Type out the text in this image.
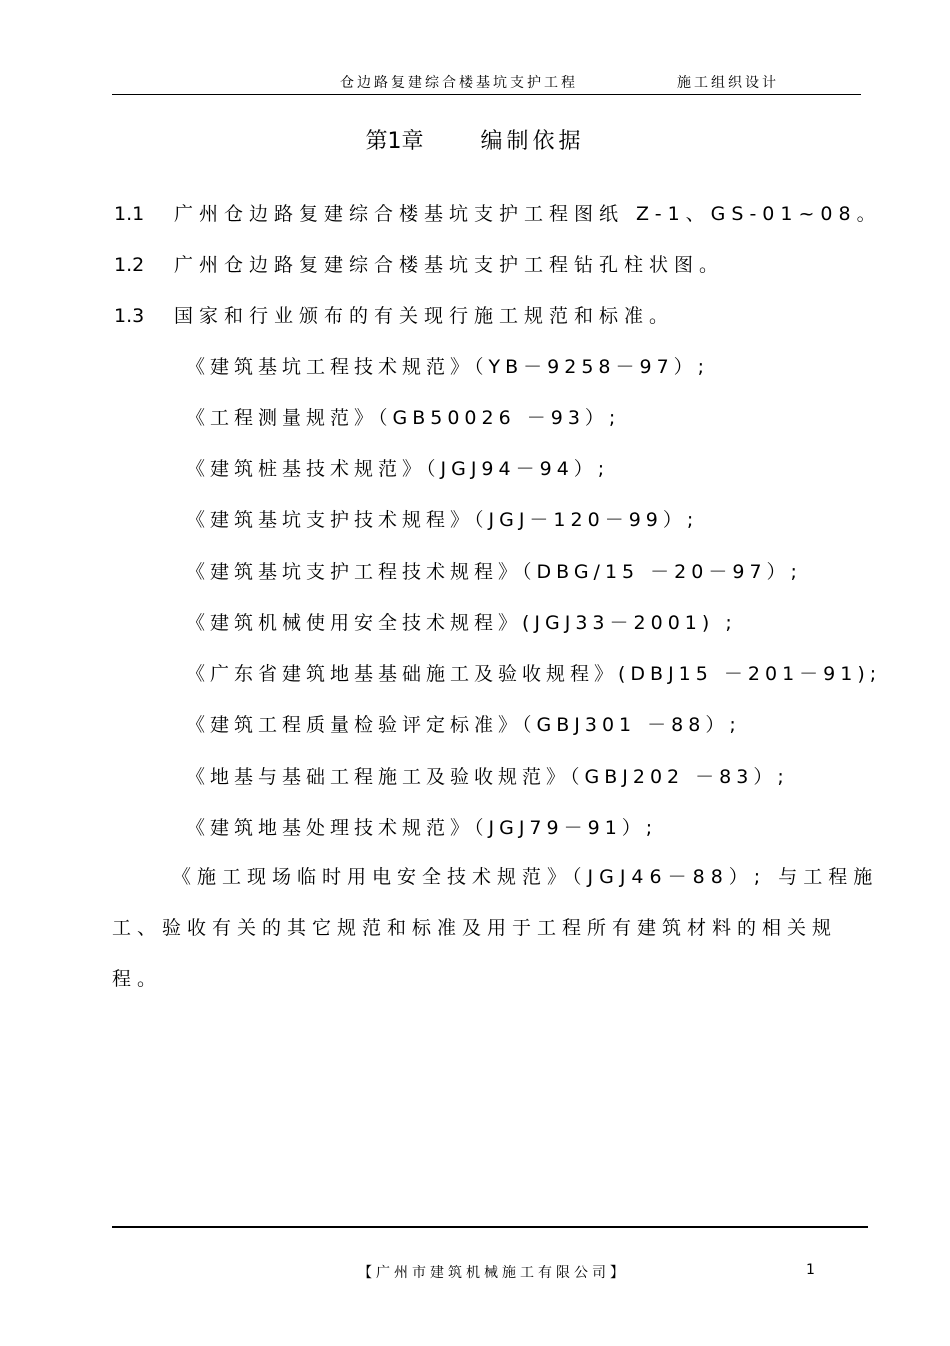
仓边路复建综合楼基坑支护工程	施工组织设计
第1章	编制依据
1.1 广州仓边路复建综合楼基坑支护工程图纸 Z-1、GS-01~08。
1.2 广州仓边路复建综合楼基坑支护工程钻孔柱状图。
1.3 国家和行业颁布的有关现行施工规范和标准。
《建筑基坑工程技术规范》（YB－9258－97）;
《工程测量规范》（GB50026 －93）;
《建筑桩基技术规范》（JGJ94－94）;
《建筑基坑支护技术规程》（JGJ－120－99）;
《建筑基坑支护工程技术规程》（DBG/15 －20－97）;
《建筑机械使用安全技术规程》(JGJ33－2001) ;
《广东省建筑地基基础施工及验收规程》(DBJ15 －201－91);
《建筑工程质量检验评定标准》（GBJ301 －88）;
《地基与基础工程施工及验收规范》（GBJ202 －83）;
《建筑地基处理技术规范》（JGJ79－91）;
《施工现场临时用电安全技术规范》（JGJ46－88）; 与工程施
工、验收有关的其它规范和标准及用于工程所有建筑材料的相关规
程。
【广州市建筑机械施工有限公司】	1
